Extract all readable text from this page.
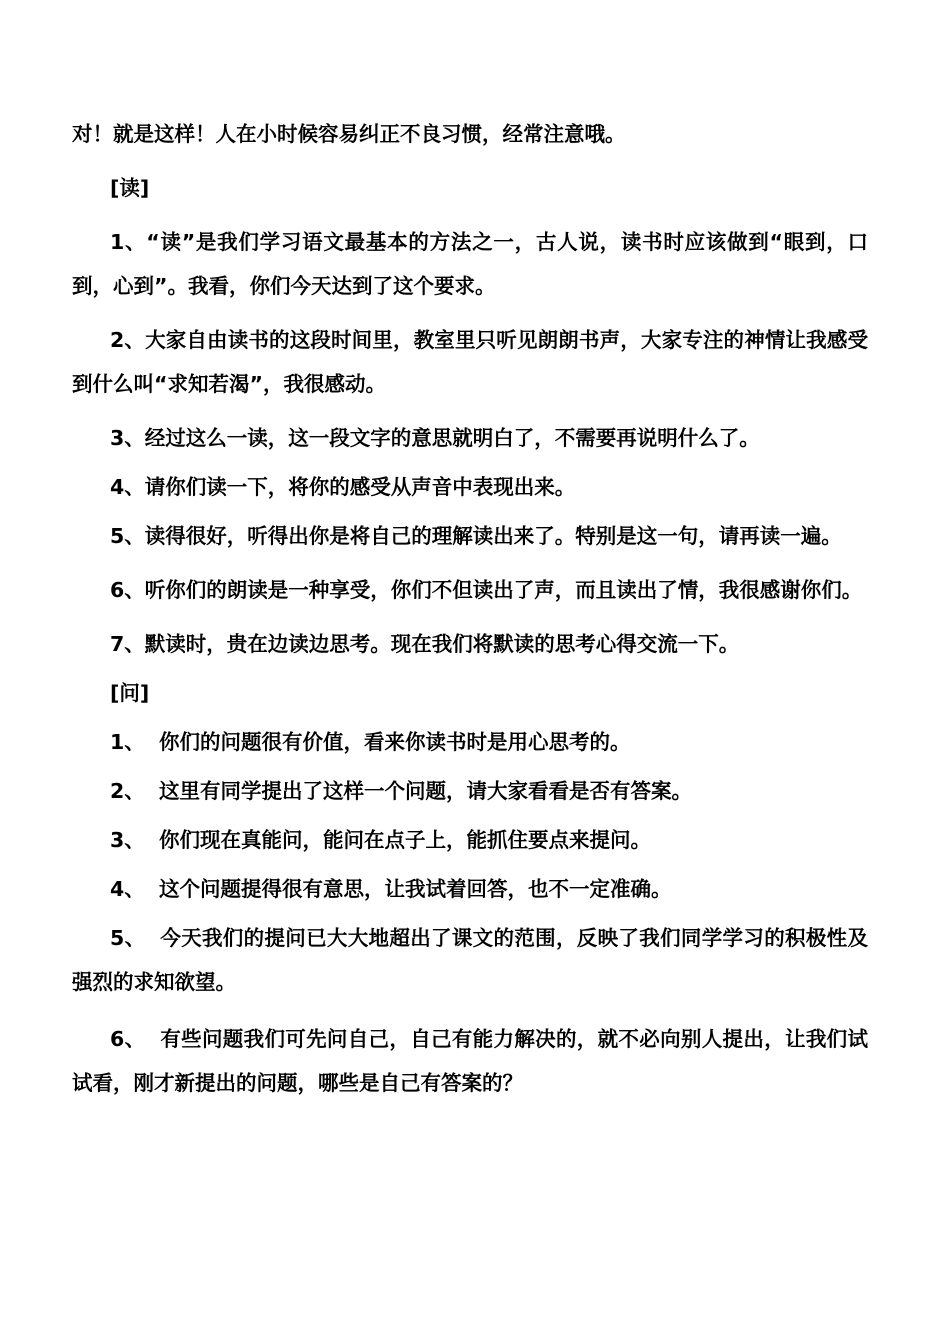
对！就是这样！人在小时候容易纠正不良习惯，经常注意哦。

[读]

1、“读”是我们学习语文最基本的方法之一，古人说，读书时应该做到“眼到，口到，心到”。我看，你们今天达到了这个要求。

2、大家自由读书的这段时间里，教室里只听见朗朗书声，大家专注的神情让我感受到什么叫“求知若渴”，我很感动。

3、经过这么一读，这一段文字的意思就明白了，不需要再说明什么了。

4、请你们读一下，将你的感受从声音中表现出来。

5、读得很好，听得出你是将自己的理解读出来了。特别是这一句，请再读一遍。

6、听你们的朗读是一种享受，你们不但读出了声，而且读出了情，我很感谢你们。

7、默读时，贵在边读边思考。现在我们将默读的思考心得交流一下。

[问]

1、  你们的问题很有价值，看来你读书时是用心思考的。

2、  这里有同学提出了这样一个问题，请大家看看是否有答案。

3、  你们现在真能问，能问在点子上，能抓住要点来提问。

4、  这个问题提得很有意思，让我试着回答，也不一定准确。

5、  今天我们的提问已大大地超出了课文的范围，反映了我们同学学习的积极性及强烈的求知欲望。

6、  有些问题我们可先问自己，自己有能力解决的，就不必向别人提出，让我们试试看，刚才新提出的问题，哪些是自己有答案的？
